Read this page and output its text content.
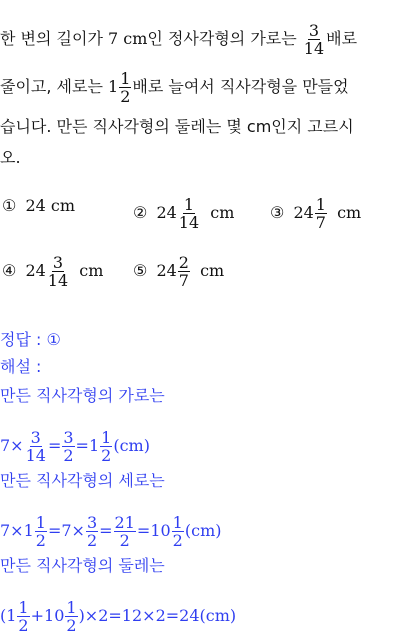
한 변의 길이가 7 cm인 정사각형의 가로는 $\frac{3}{14}$ 배로
줄이고, 세로는 $1 \frac{1}{2}$ 배로 늘여서 직사각형을 만들었
습니다. 만든 직사각형의 둘레는 몇 cm인지 고르시
오.
① 24 cm	② $24 \frac{1}{14}$ cm ③ $24 \frac{1}{7}$ cm
④ $24 \frac{3}{14}$ cm ⑤ $24 \frac{2}{7}$ cm
정답 : ①
해설 :
만든 직사각형의 가로는
$7\times \frac{3}{14} = \frac{3}{2} =1 \frac{1}{2} (cm)$
만든 직사각형의 세로는
$7\times 1 \frac{1}{2} =7\times \frac{3}{2} = \frac{21}{2} =10 \frac{1}{2} (cm)$
만든 직사각형의 둘레는
$(1 \frac{1}{2} +10 \frac{1}{2} )\times 2=12\times 2=24(cm)$
